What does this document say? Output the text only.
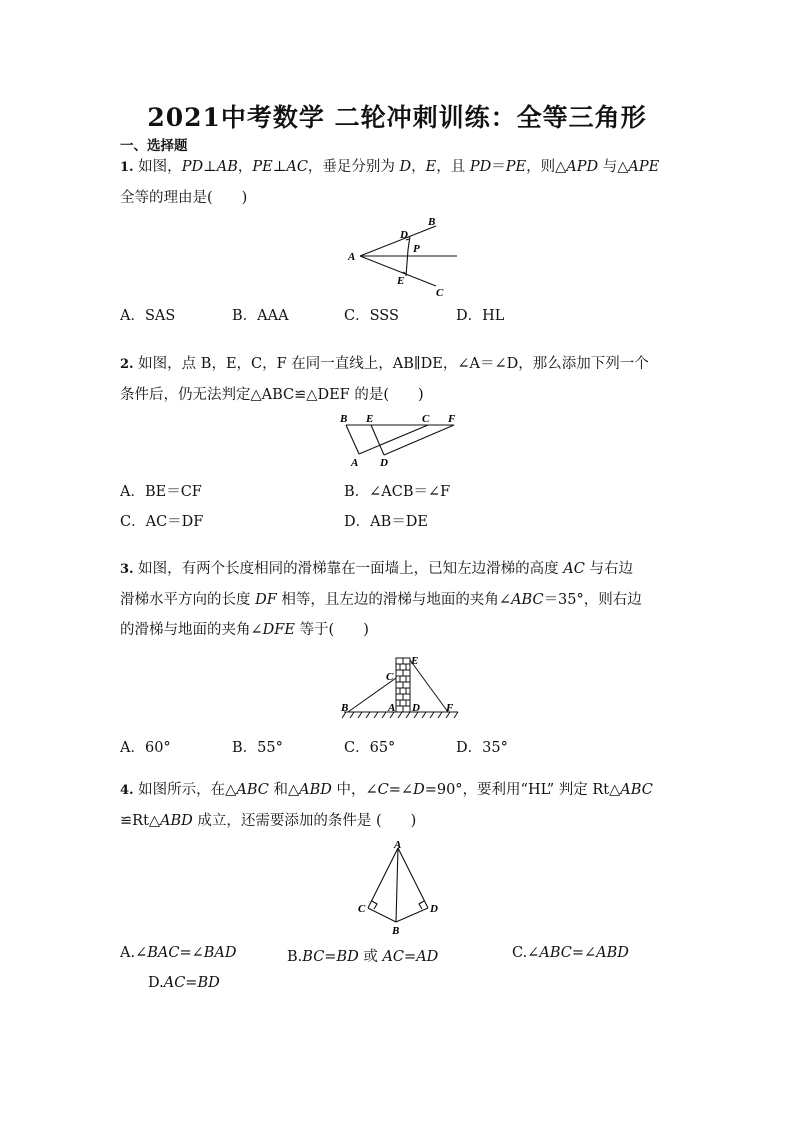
2021中考数学 二轮冲刺训练：全等三角形
一、选择题
1. 如图，PD⊥AB，PE⊥AC，垂足分别为 D，E，且 PD＝PE，则△APD 与△APE
全等的理由是(　　)
A
B
C
D
E
P
A．SAS	B．AAA	C．SSS	D．HL
2. 如图，点 B，E，C，F 在同一直线上，AB∥DE，∠A＝∠D，那么添加下列一个
条件后，仍无法判定△ABC≌△DEF 的是(　　)
B E	C F
A D
A．BE＝CF	B．∠ACB＝∠F
C．AC＝DF	D．AB＝DE
3. 如图，有两个长度相同的滑梯靠在一面墙上，已知左边滑梯的高度 AC 与右边
滑梯水平方向的长度 DF 相等，且左边的滑梯与地面的夹角∠ABC＝35°，则右边
的滑梯与地面的夹角∠DFE 等于(　　)
B	A D F
C
E
A．60°	B．55°	C．65°	D．35°
4. 如图所示，在△ABC 和△ABD 中，∠C=∠D=90°，要利用“HL” 判定 Rt△ABC
≌Rt△ABD 成立，还需要添加的条件是 (　　)
A
C	D
B
A.∠BAC=∠BAD	B.BC=BD 或 AC=AD	C.∠ABC=∠ABD
D.AC=BD
